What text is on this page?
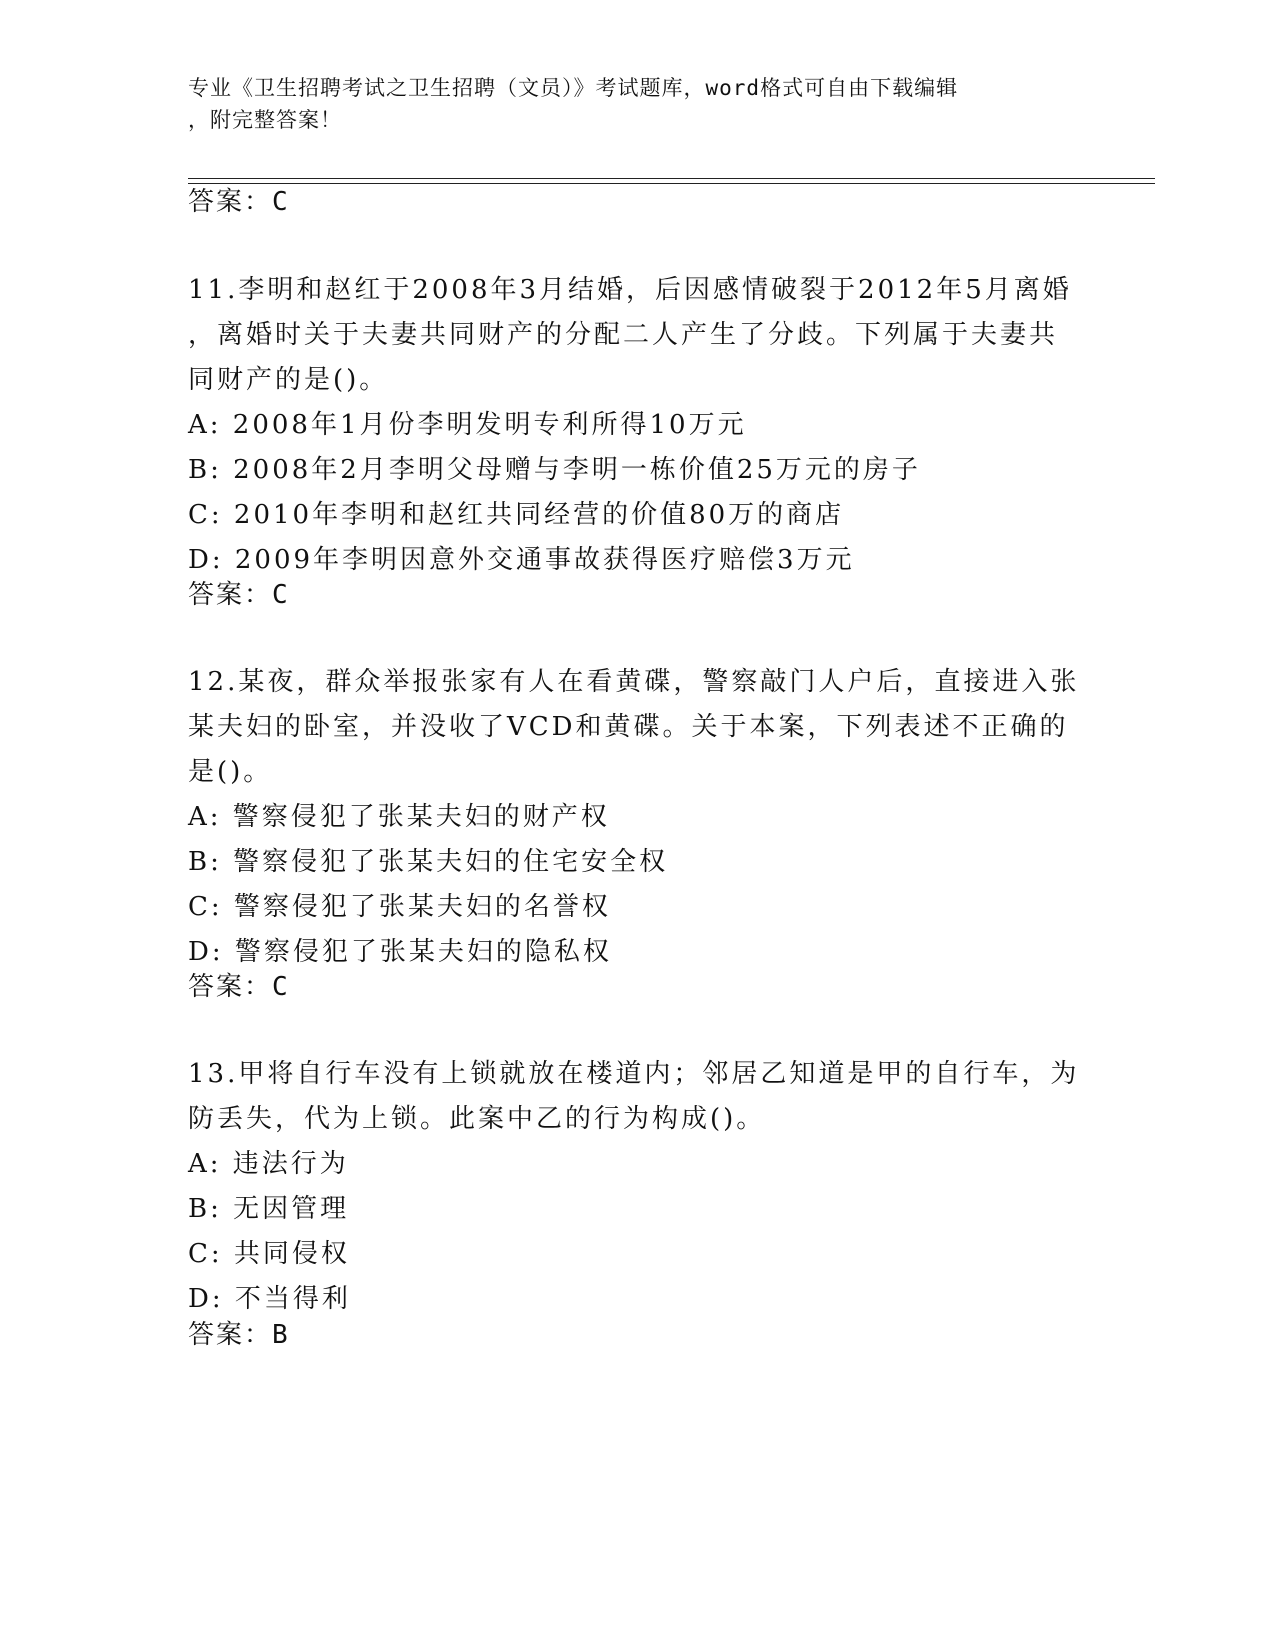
专业《卫生招聘考试之卫生招聘（文员）》考试题库，word格式可自由下载编辑
，附完整答案！
答案：C
11.李明和赵红于2008年3月结婚，后因感情破裂于2012年5月离婚
，离婚时关于夫妻共同财产的分配二人产生了分歧。下列属于夫妻共
同财产的是()。
A: 2008年1月份李明发明专利所得10万元
B: 2008年2月李明父母赠与李明一栋价值25万元的房子
C: 2010年李明和赵红共同经营的价值80万的商店
D: 2009年李明因意外交通事故获得医疗赔偿3万元
答案：C
12.某夜，群众举报张家有人在看黄碟，警察敲门人户后，直接进入张
某夫妇的卧室，并没收了VCD和黄碟。关于本案，下列表述不正确的
是()。
A: 警察侵犯了张某夫妇的财产权
B: 警察侵犯了张某夫妇的住宅安全权
C: 警察侵犯了张某夫妇的名誉权
D: 警察侵犯了张某夫妇的隐私权
答案：C
13.甲将自行车没有上锁就放在楼道内；邻居乙知道是甲的自行车，为
防丢失，代为上锁。此案中乙的行为构成()。
A: 违法行为
B: 无因管理
C: 共同侵权
D: 不当得利
答案：B
